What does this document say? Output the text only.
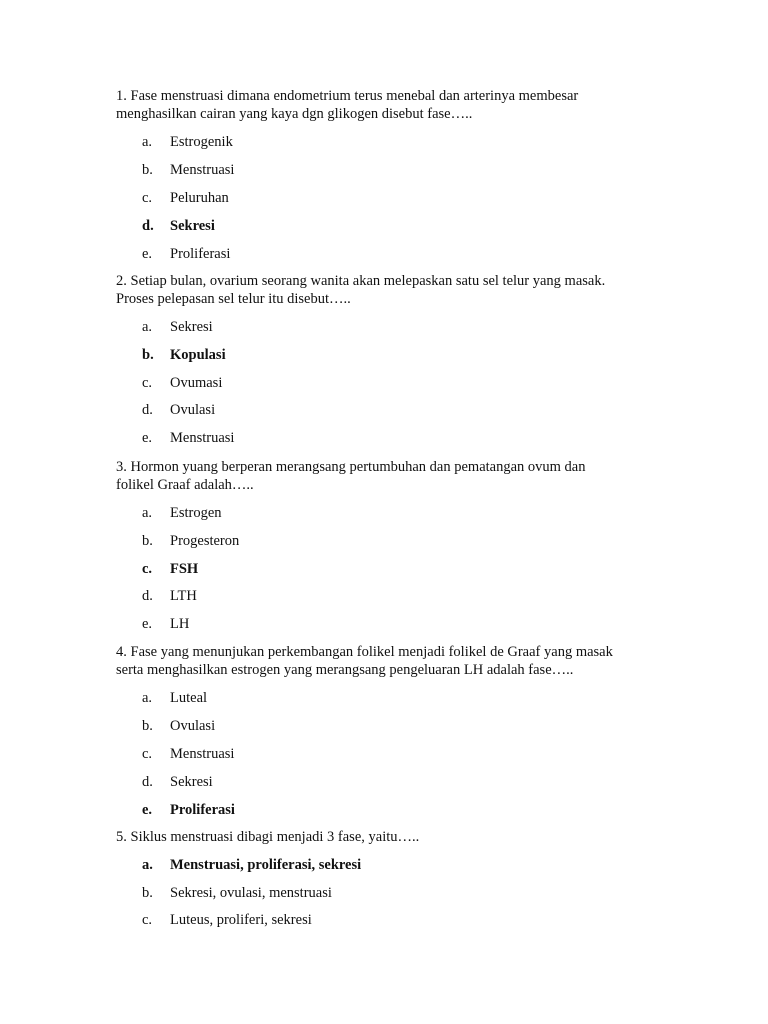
1. Fase menstruasi dimana endometrium terus menebal dan arterinya membesar
menghasilkan cairan yang kaya dgn glikogen disebut fase…..
a. Estrogenik
b. Menstruasi
c. Peluruhan
d. Sekresi
e. Proliferasi
2. Setiap bulan, ovarium seorang wanita akan melepaskan satu sel telur yang masak.
Proses pelepasan sel telur itu disebut…..
a. Sekresi
b. Kopulasi
c. Ovumasi
d. Ovulasi
e. Menstruasi
3. Hormon yuang berperan merangsang pertumbuhan dan pematangan ovum dan
folikel Graaf adalah…..
a. Estrogen
b. Progesteron
c. FSH
d. LTH
e. LH
4. Fase yang menunjukan perkembangan folikel menjadi folikel de Graaf yang masak
serta menghasilkan estrogen yang merangsang pengeluaran LH adalah fase…..
a. Luteal
b. Ovulasi
c. Menstruasi
d. Sekresi
e. Proliferasi
5. Siklus menstruasi dibagi menjadi 3 fase, yaitu…..
a. Menstruasi, proliferasi, sekresi
b. Sekresi, ovulasi, menstruasi
c. Luteus, proliferi, sekresi
